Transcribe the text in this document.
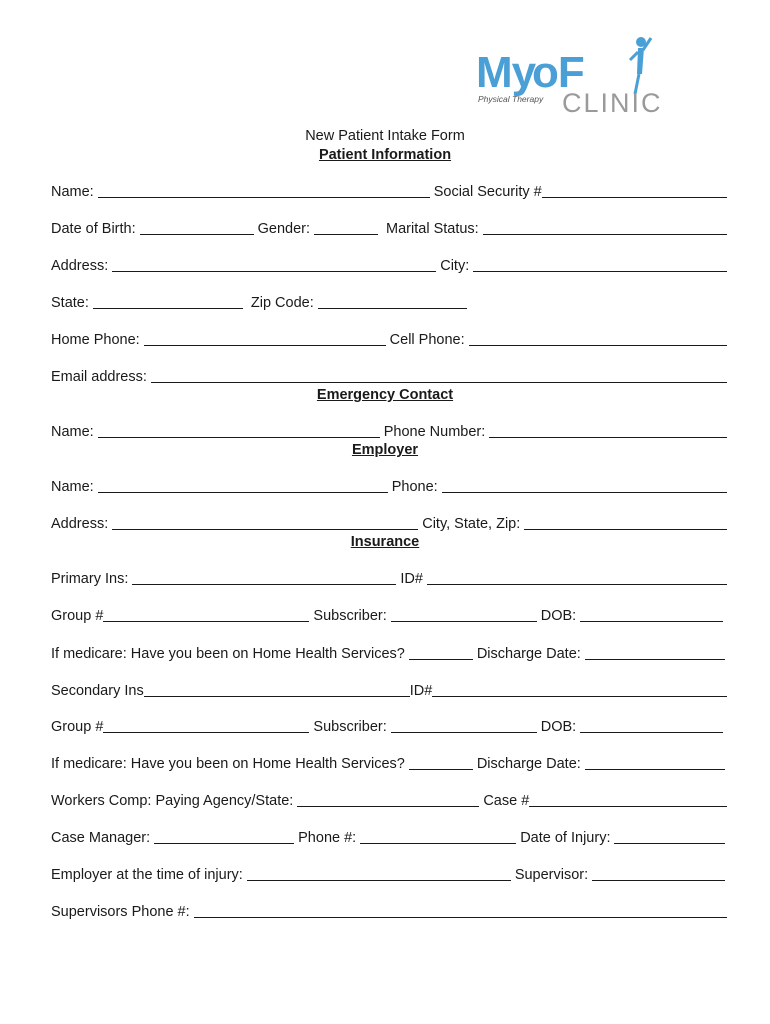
My
oF
Physical Therapy CLINIC
New Patient Intake Form
Patient Information
Name:	Social Security #
Date of Birth:	Gender:	Marital Status:
Address:	City:
State:	Zip Code:
Home Phone:	Cell Phone:
Email address:
Emergency Contact
Name:	Phone Number:
Employer
Name:	Phone:
Address:	City, State, Zip:
Insurance
Primary Ins:	ID#
Group #	Subscriber:	DOB:
If medicare: Have you been on Home Health Services?	Discharge Date:
Secondary Ins	ID#
Group #	Subscriber:	DOB:
If medicare: Have you been on Home Health Services?	Discharge Date:
Workers Comp: Paying Agency/State:	Case #
Case Manager:	Phone #:	Date of Injury:
Employer at the time of injury:	Supervisor:
Supervisors Phone #:
